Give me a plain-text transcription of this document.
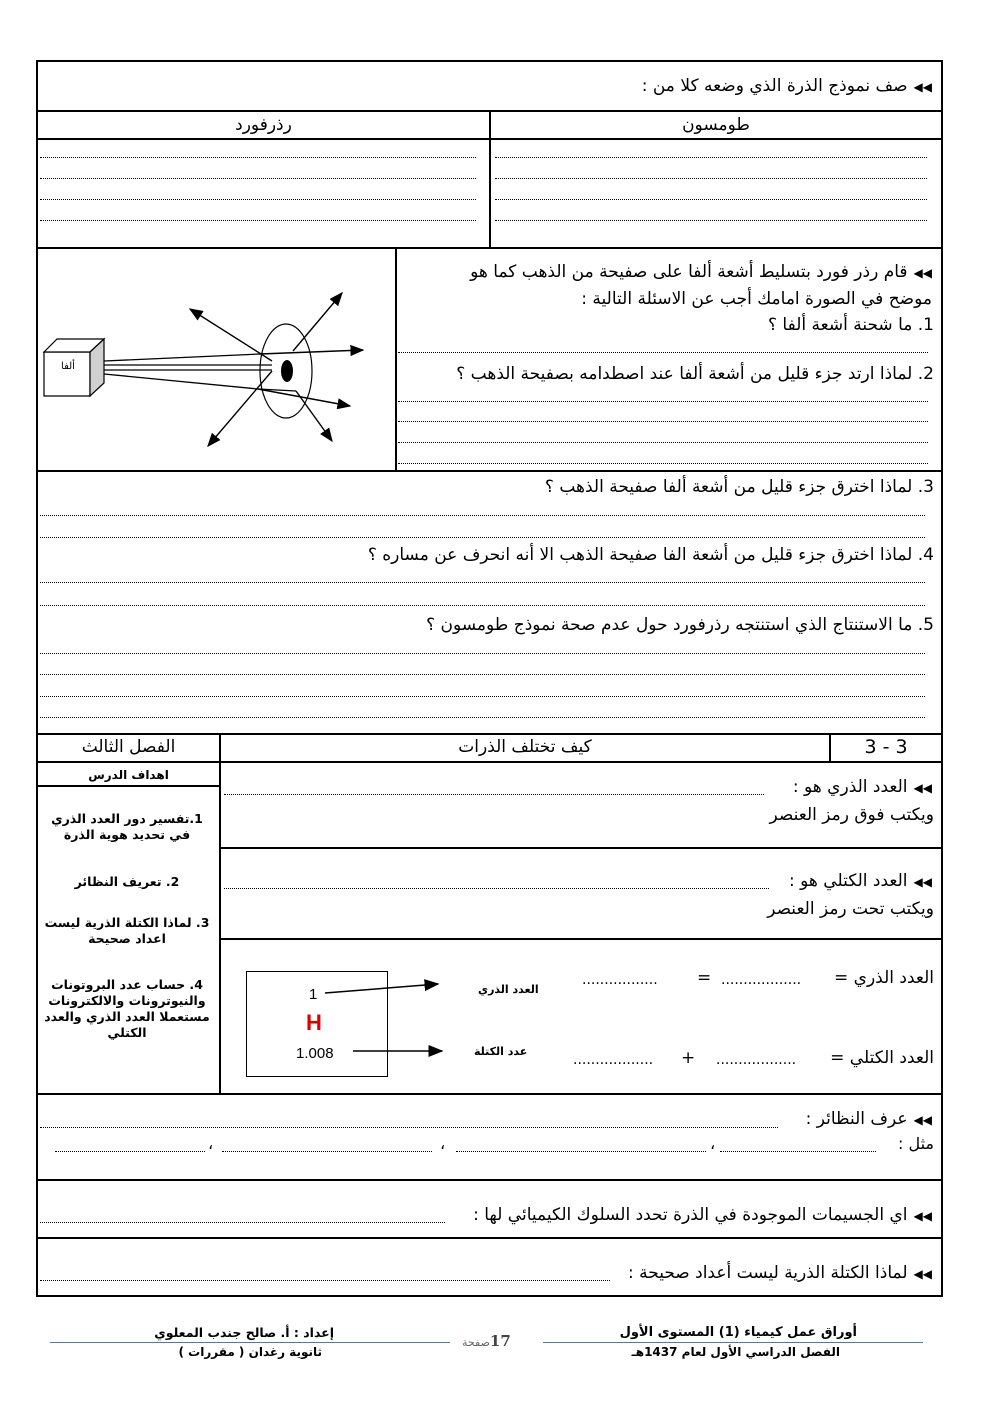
◀◀صف نموذج الذرة الذي وضعه كلا من :
طومسون
رذرفورد
ألفا
◀◀قام رذر فورد بتسليط أشعة ألفا على صفيحة من الذهب كما هو
موضح في الصورة امامك أجب عن الاسئلة التالية :
1. ما شحنة أشعة ألفا ؟
2. لماذا ارتد جزء قليل من أشعة ألفا عند اصطدامه بصفيحة الذهب ؟
3. لماذا اخترق جزء قليل من أشعة ألفا صفيحة الذهب ؟
4. لماذا اخترق جزء قليل من أشعة الفا صفيحة الذهب الا أنه انحرف عن مساره ؟
5. ما الاستنتاج الذي استنتجه رذرفورد حول عدم صحة نموذج طومسون ؟
الفصل الثالث	كيف تختلف الذرات	3 - 3
اهداف الدرس
1.تفسير دور العدد الذري في تحديد هوية الذرة
2. تعريف النظائر
3. لماذا الكتلة الذرية ليست اعداد صحيحة
4. حساب عدد البروتونات والنيوترونات والالكترونات مستعملا العدد الذري والعدد الكتلي
◀◀العدد الذري هو :
ويكتب فوق رمز العنصر
◀◀العدد الكتلي هو :
ويكتب تحت رمز العنصر
1
H
1.008
العدد الذري
عدد الكتلة
العدد الذري =
..................
=
.................
العدد الكتلي =
..................
+
..................
◀◀عرف النظائر :
مثل :
،
،
،
◀◀اي الجسيمات الموجودة في الذرة تحدد السلوك الكيميائي لها :
◀◀لماذا الكتلة الذرية ليست أعداد صحيحة :
أوراق عمل كيمياء (1) المستوى الأول
الفصل الدراسي الأول لعام 1437هـ
17صفحة
إعداد : أ. صالح جندب المعلوي
ثانوية رغدان ( مقررات )
